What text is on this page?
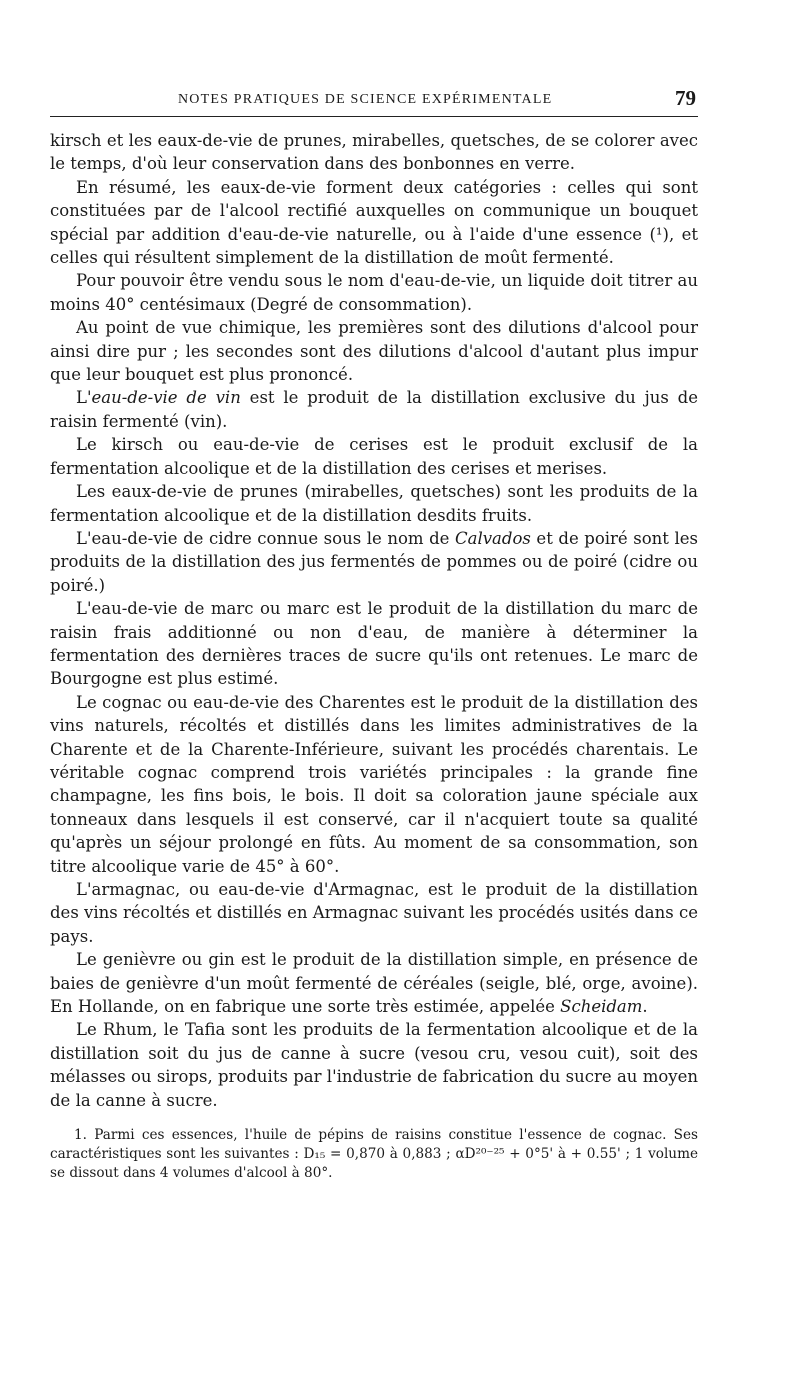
NOTES PRATIQUES DE SCIENCE EXPÉRIMENTALE	79

kirsch et les eaux-de-vie de prunes, mirabelles, quetsches, de se colorer avec le temps, d'où leur conservation dans des bonbonnes en verre.

En résumé, les eaux-de-vie forment deux catégories : celles qui sont constituées par de l'alcool rectifié auxquelles on communique un bouquet spécial par addition d'eau-de-vie naturelle, ou à l'aide d'une essence (¹), et celles qui résultent simplement de la distillation de moût fermenté.

Pour pouvoir être vendu sous le nom d'eau-de-vie, un liquide doit titrer au moins 40° centésimaux (Degré de consommation).

Au point de vue chimique, les premières sont des dilutions d'alcool pour ainsi dire pur ; les secondes sont des dilutions d'alcool d'autant plus impur que leur bouquet est plus prononcé.

L'eau-de-vie de vin est le produit de la distillation exclusive du jus de raisin fermenté (vin).

Le kirsch ou eau-de-vie de cerises est le produit exclusif de la fermentation alcoolique et de la distillation des cerises et merises.

Les eaux-de-vie de prunes (mirabelles, quetsches) sont les produits de la fermentation alcoolique et de la distillation desdits fruits.

L'eau-de-vie de cidre connue sous le nom de Calvados et de poiré sont les produits de la distillation des jus fermentés de pommes ou de poiré (cidre ou poiré.)

L'eau-de-vie de marc ou marc est le produit de la distillation du marc de raisin frais additionné ou non d'eau, de manière à déterminer la fermentation des dernières traces de sucre qu'ils ont retenues. Le marc de Bourgogne est plus estimé.

Le cognac ou eau-de-vie des Charentes est le produit de la distillation des vins naturels, récoltés et distillés dans les limites administratives de la Charente et de la Charente-Inférieure, suivant les procédés charentais. Le véritable cognac comprend trois variétés principales : la grande fine champagne, les fins bois, le bois. Il doit sa coloration jaune spéciale aux tonneaux dans lesquels il est conservé, car il n'acquiert toute sa qualité qu'après un séjour prolongé en fûts. Au moment de sa consommation, son titre alcoolique varie de 45° à 60°.

L'armagnac, ou eau-de-vie d'Armagnac, est le produit de la distillation des vins récoltés et distillés en Armagnac suivant les procédés usités dans ce pays.

Le genièvre ou gin est le produit de la distillation simple, en présence de baies de genièvre d'un moût fermenté de céréales (seigle, blé, orge, avoine). En Hollande, on en fabrique une sorte très estimée, appelée Scheidam.

Le Rhum, le Tafia sont les produits de la fermentation alcoolique et de la distillation soit du jus de canne à sucre (vesou cru, vesou cuit), soit des mélasses ou sirops, produits par l'industrie de fabrication du sucre au moyen de la canne à sucre.

1. Parmi ces essences, l'huile de pépins de raisins constitue l'essence de cognac. Ses caractéristiques sont les suivantes : D₁₅ = 0,870 à 0,883 ; αD²⁰⁻²⁵ + 0°5' à + 0.55' ; 1 volume se dissout dans 4 volumes d'alcool à 80°.
